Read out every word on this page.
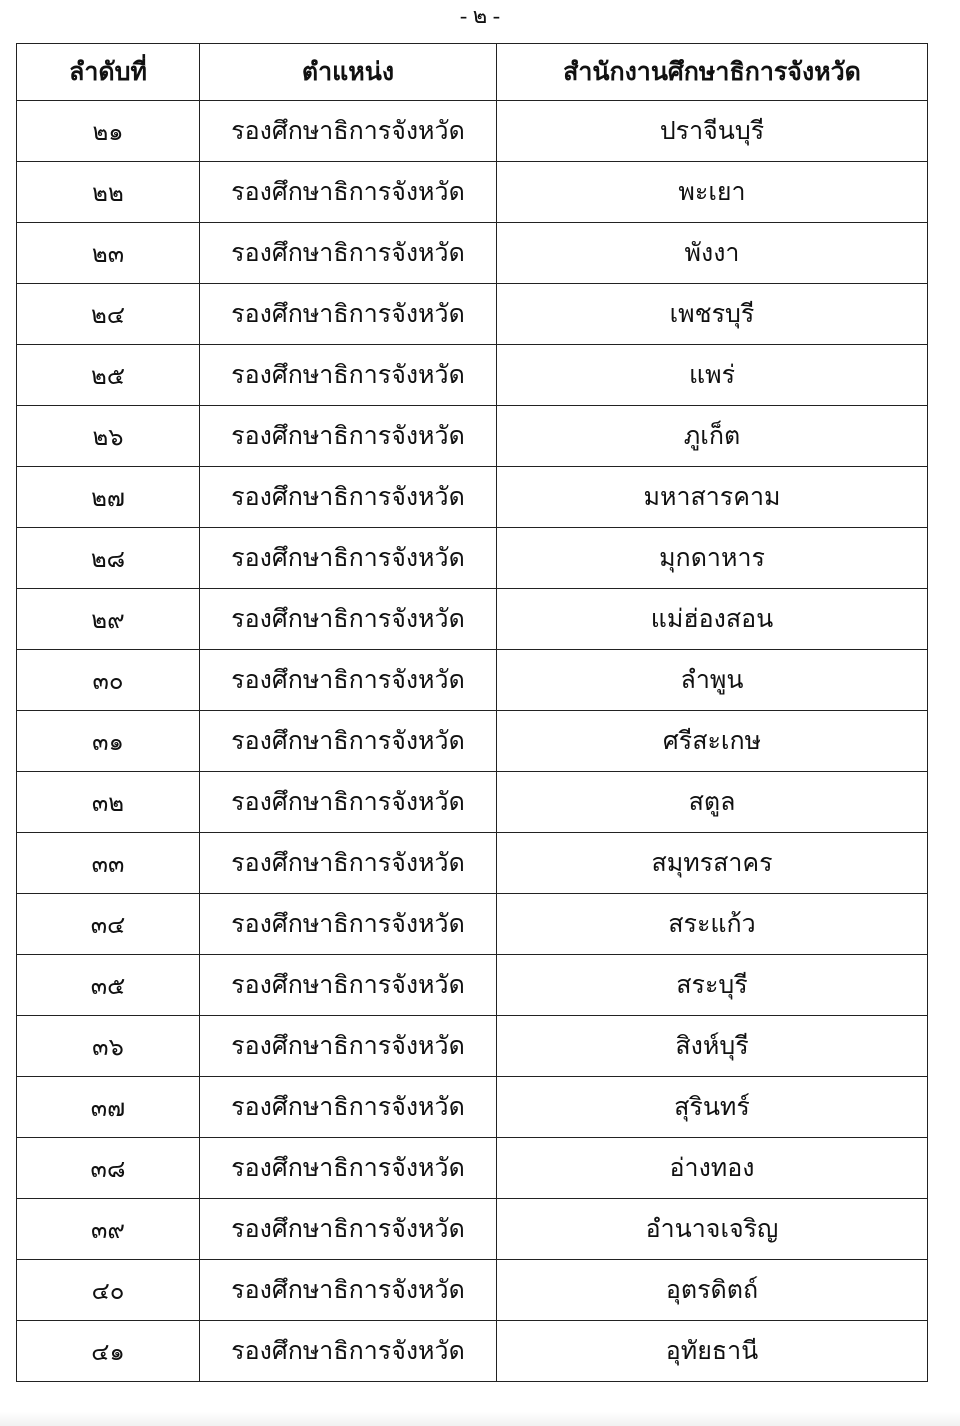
- ๒ -
ลำดับที่	ตำแหน่ง	สำนักงานศึกษาธิการจังหวัด
๒๑	รองศึกษาธิการจังหวัด	ปราจีนบุรี
๒๒	รองศึกษาธิการจังหวัด	พะเยา
๒๓	รองศึกษาธิการจังหวัด	พังงา
๒๔	รองศึกษาธิการจังหวัด	เพชรบุรี
๒๕	รองศึกษาธิการจังหวัด	แพร่
๒๖	รองศึกษาธิการจังหวัด	ภูเก็ต
๒๗	รองศึกษาธิการจังหวัด	มหาสารคาม
๒๘	รองศึกษาธิการจังหวัด	มุกดาหาร
๒๙	รองศึกษาธิการจังหวัด	แม่ฮ่องสอน
๓๐	รองศึกษาธิการจังหวัด	ลำพูน
๓๑	รองศึกษาธิการจังหวัด	ศรีสะเกษ
๓๒	รองศึกษาธิการจังหวัด	สตูล
๓๓	รองศึกษาธิการจังหวัด	สมุทรสาคร
๓๔	รองศึกษาธิการจังหวัด	สระแก้ว
๓๕	รองศึกษาธิการจังหวัด	สระบุรี
๓๖	รองศึกษาธิการจังหวัด	สิงห์บุรี
๓๗	รองศึกษาธิการจังหวัด	สุรินทร์
๓๘	รองศึกษาธิการจังหวัด	อ่างทอง
๓๙	รองศึกษาธิการจังหวัด	อำนาจเจริญ
๔๐	รองศึกษาธิการจังหวัด	อุตรดิตถ์
๔๑	รองศึกษาธิการจังหวัด	อุทัยธานี
